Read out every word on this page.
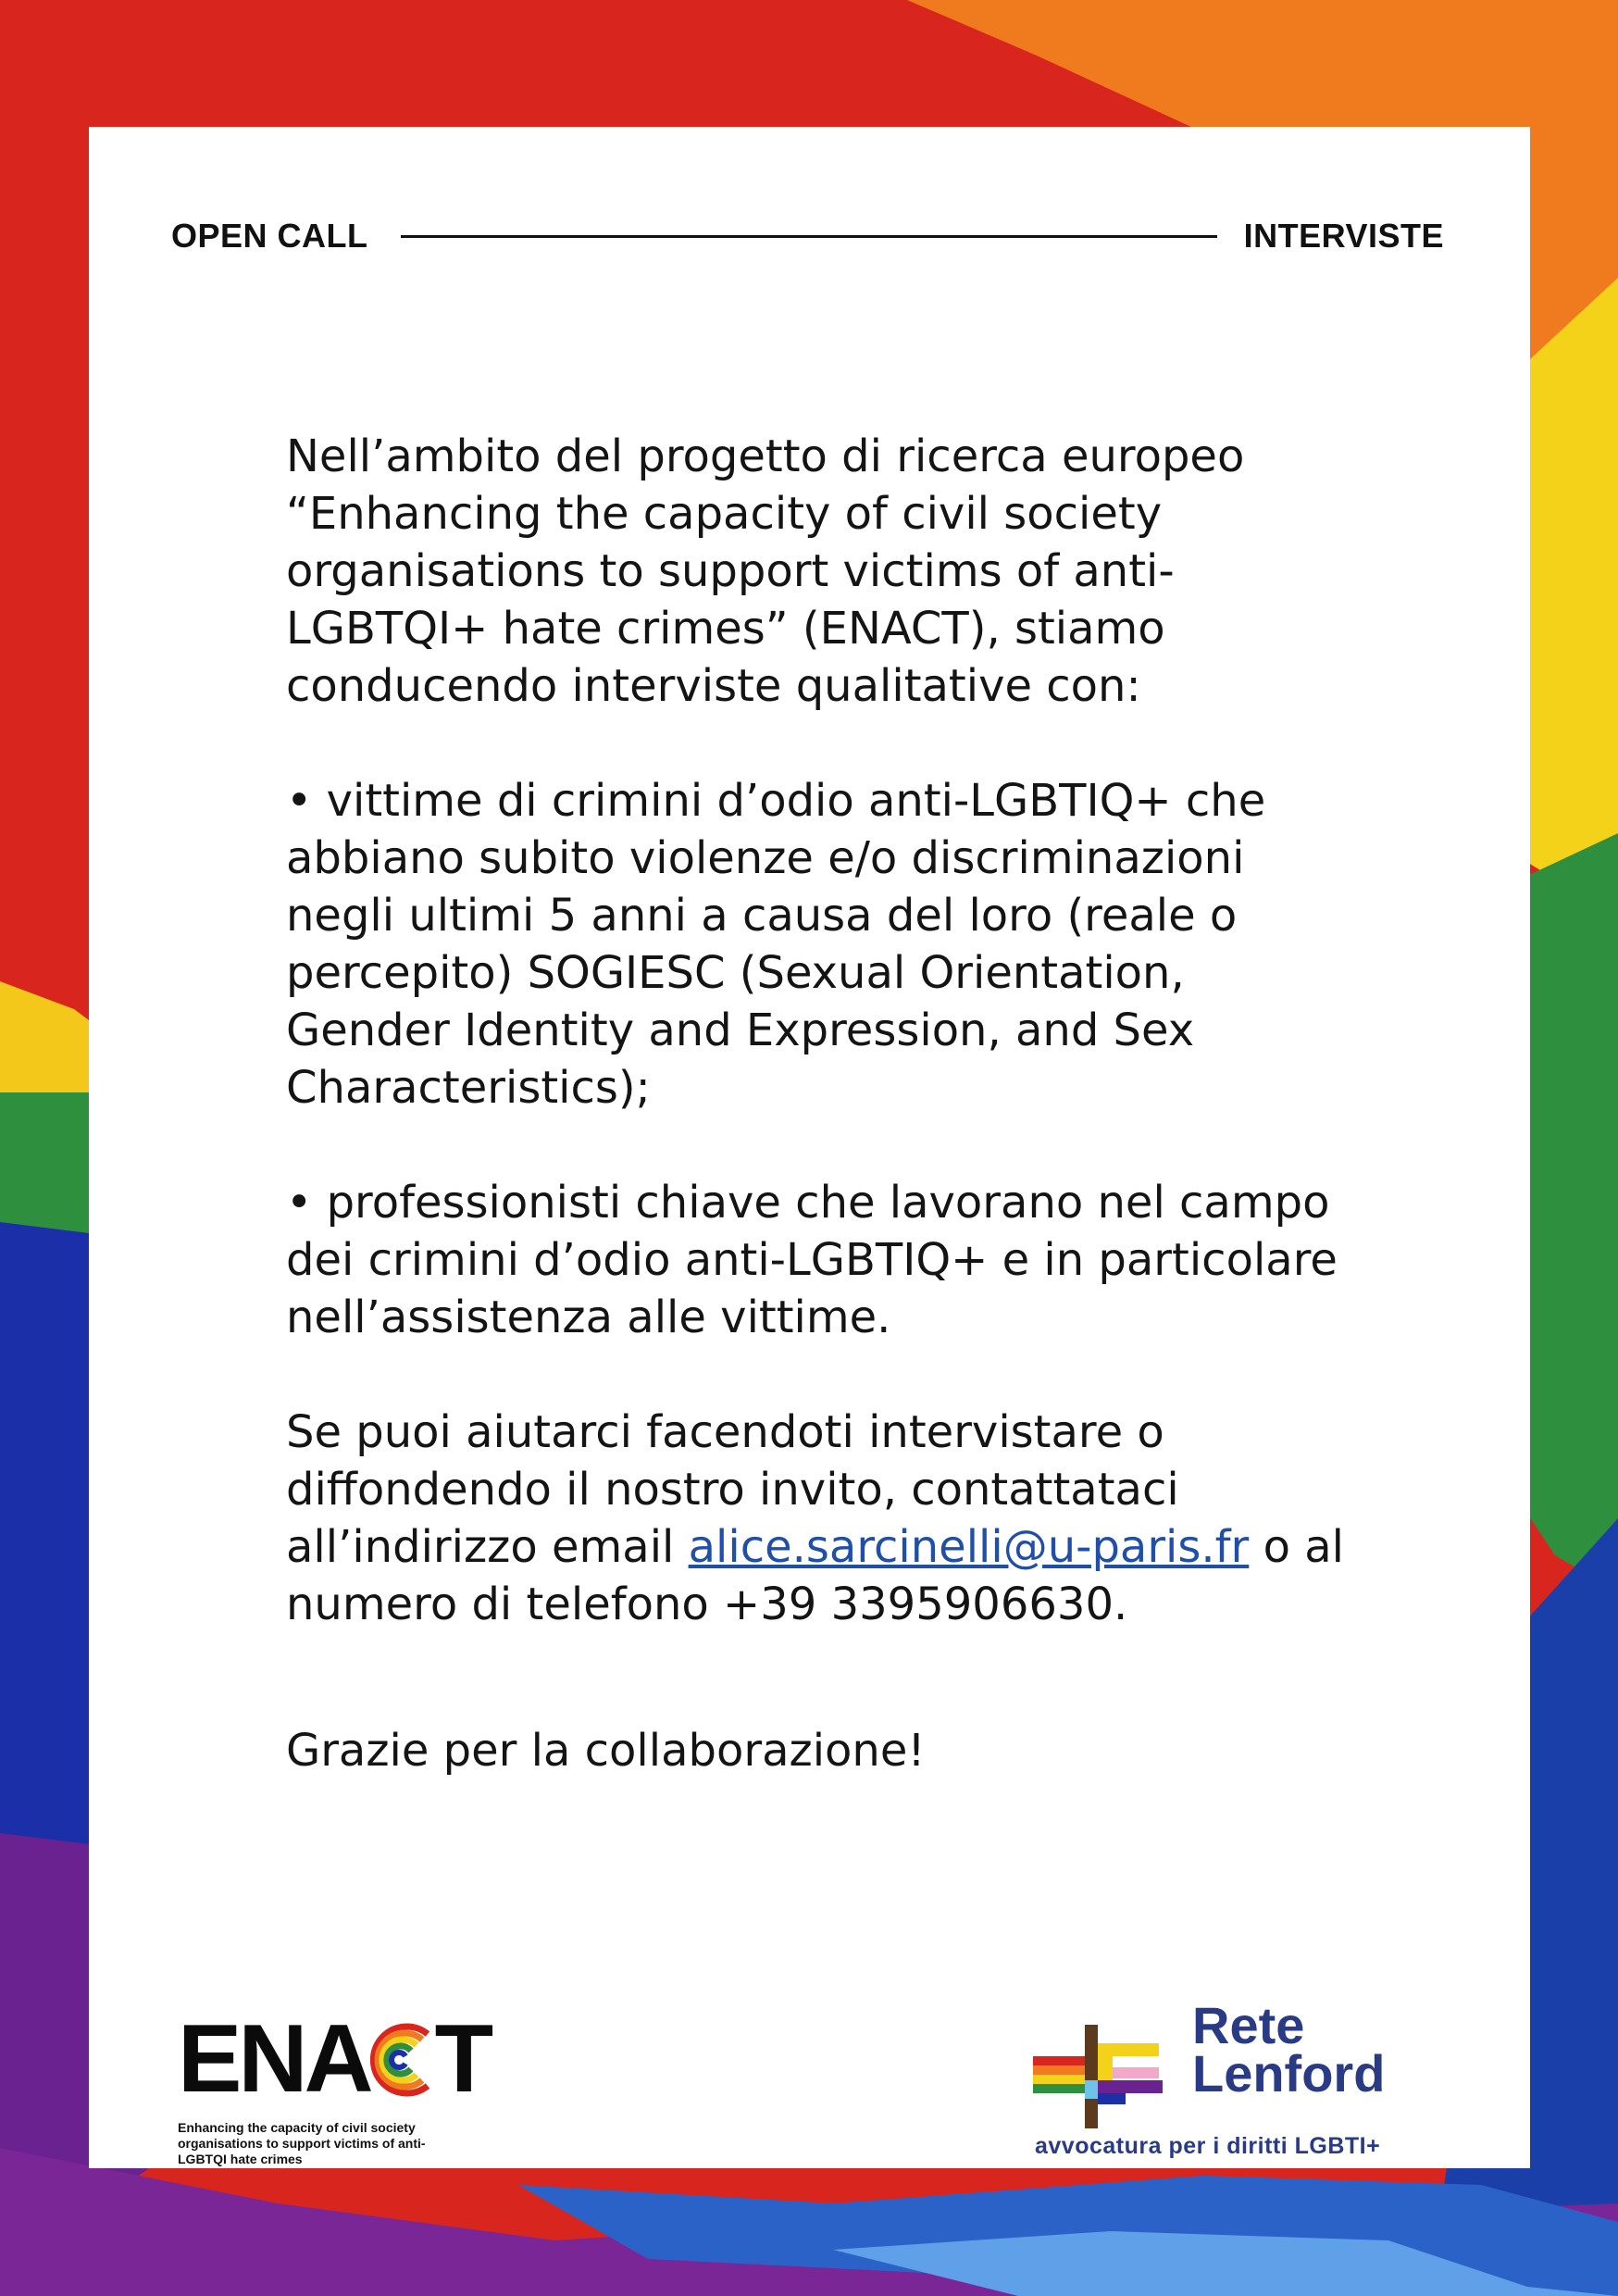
OPEN CALL	INTERVISTE

Nell’ambito del progetto di ricerca europeo “Enhancing the capacity of civil society organisations to support victims of anti-LGBTQI+ hate crimes” (ENACT), stiamo conducendo interviste qualitative con:

• vittime di crimini d’odio anti-LGBTIQ+ che abbiano subito violenze e/o discriminazioni negli ultimi 5 anni a causa del loro (reale o percepito) SOGIESC (Sexual Orientation, Gender Identity and Expression, and Sex Characteristics);

• professionisti chiave che lavorano nel campo dei crimini d’odio anti-LGBTIQ+ e in particolare nell’assistenza alle vittime.

Se puoi aiutarci facendoti intervistare o diffondendo il nostro invito, contattataci all’indirizzo email alice.sarcinelli@u-paris.fr o al numero di telefono +39 3395906630.

Grazie per la collaborazione!

ENA T
Enhancing the capacity of civil society organisations to support victims of anti-LGBTQI hate crimes
Rete
Lenford
avvocatura per i diritti LGBTI+
